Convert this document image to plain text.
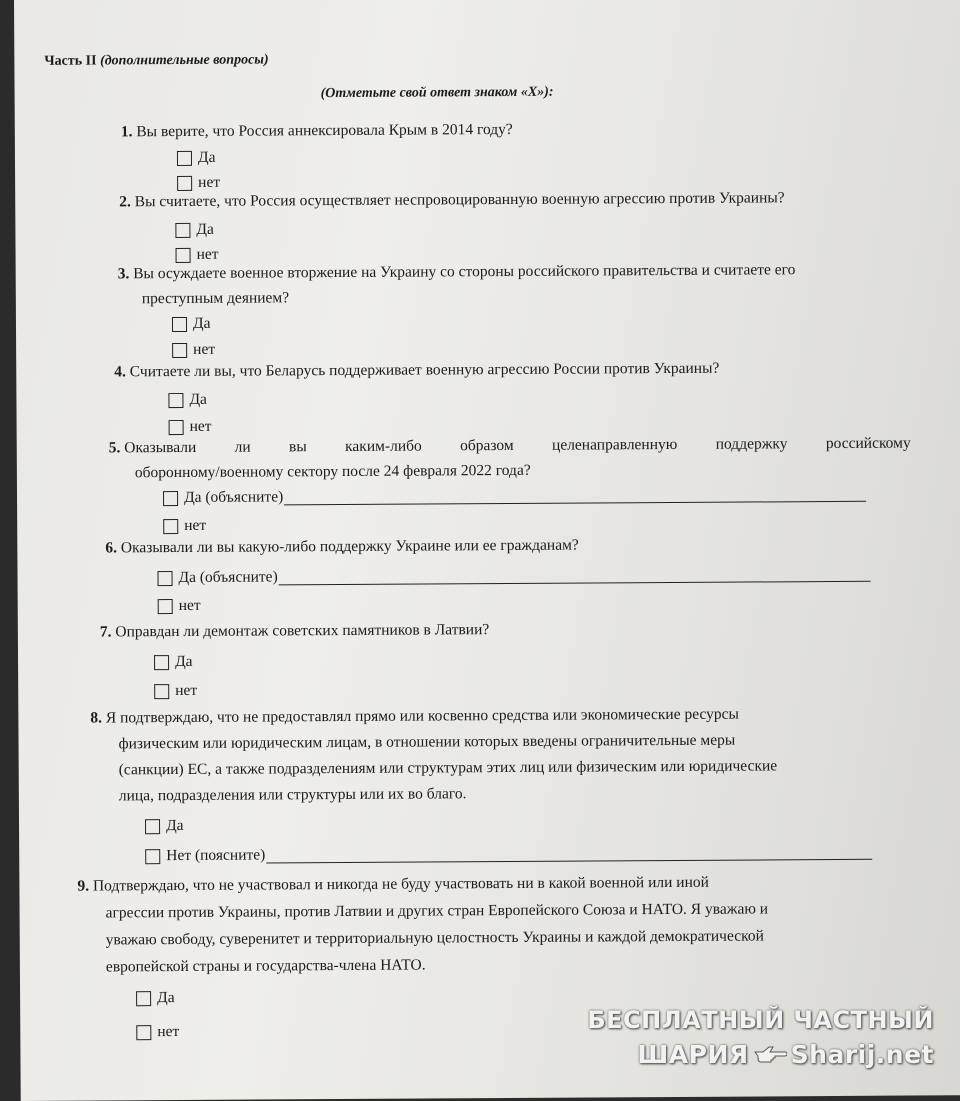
Часть II (дополнительные вопросы)
(Отметьте свой ответ знаком «X»):
1. Вы верите, что Россия аннексировала Крым в 2014 году?
Да
нет
2. Вы считаете, что Россия осуществляет неспровоцированную военную агрессию против Украины?
Да
нет
3. Вы осуждаете военное вторжение на Украину со стороны российского правительства и считаете его
преступным деянием?
Да
нет
4. Считаете ли вы, что Беларусь поддерживает военную агрессию России против Украины?
Да
нет
5. Оказывали ли вы каким-либо образом целенаправленную поддержку российскому
оборонному/военному сектору после 24 февраля 2022 года?
Да (объясните)
нет
6. Оказывали ли вы какую-либо поддержку Украине или ее гражданам?
Да (объясните)
нет
7. Оправдан ли демонтаж советских памятников в Латвии?
Да
нет
8. Я подтверждаю, что не предоставлял прямо или косвенно средства или экономические ресурсы
физическим или юридическим лицам, в отношении которых введены ограничительные меры
(санкции) ЕС, а также подразделениям или структурам этих лиц или физическим или юридические
лица, подразделения или структуры или их во благо.
Да
Нет (поясните)
9. Подтверждаю, что не участвовал и никогда не буду участвовать ни в какой военной или иной
агрессии против Украины, против Латвии и других стран Европейского Союза и НАТО. Я уважаю и
уважаю свободу, суверенитет и территориальную целостность Украины и каждой демократической
европейской страны и государства-члена НАТО.
Да
нет	БЕСПЛАТНЫЙ ЧАСТНЫЙ
ШАРИЯ Sharij.net
